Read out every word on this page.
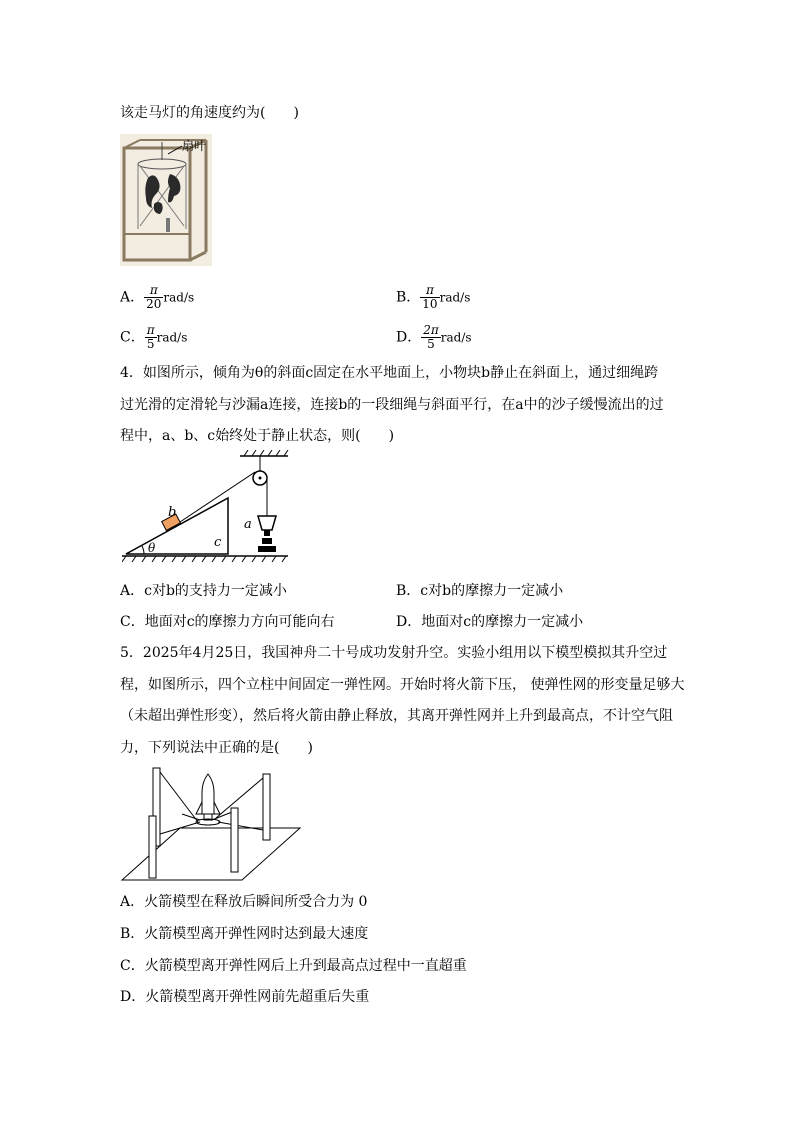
该走马灯的角速度约为(　　)
扇叶
A． $\frac{\pi}{20} rad/s$	B． $\frac{\pi}{10} rad/s$
C． $\frac{\pi}{5} rad/s$	D． $\frac{2\pi}{5} rad/s$
4．如图所示，倾角为θ的斜面c固定在水平地面上，小物块b静止在斜面上，通过细绳跨
过光滑的定滑轮与沙漏a连接，连接b的一段细绳与斜面平行，在a中的沙子缓慢流出的过
程中，a、b、c始终处于静止状态，则(　　)
b
a
c
θ
A．c对b的支持力一定减小	B．c对b的摩擦力一定减小
C．地面对c的摩擦力方向可能向右	D．地面对c的摩擦力一定减小
5．2025年4月25日，我国神舟二十号成功发射升空。实验小组用以下模型模拟其升空过
程，如图所示，四个立柱中间固定一弹性网。开始时将火箭下压， 使弹性网的形变量足够大
（未超出弹性形变），然后将火箭由静止释放，其离开弹性网并上升到最高点，不计空气阻
力，下列说法中正确的是(　　)
A．火箭模型在释放后瞬间所受合力为 0
B．火箭模型离开弹性网时达到最大速度
C．火箭模型离开弹性网后上升到最高点过程中一直超重
D．火箭模型离开弹性网前先超重后失重
